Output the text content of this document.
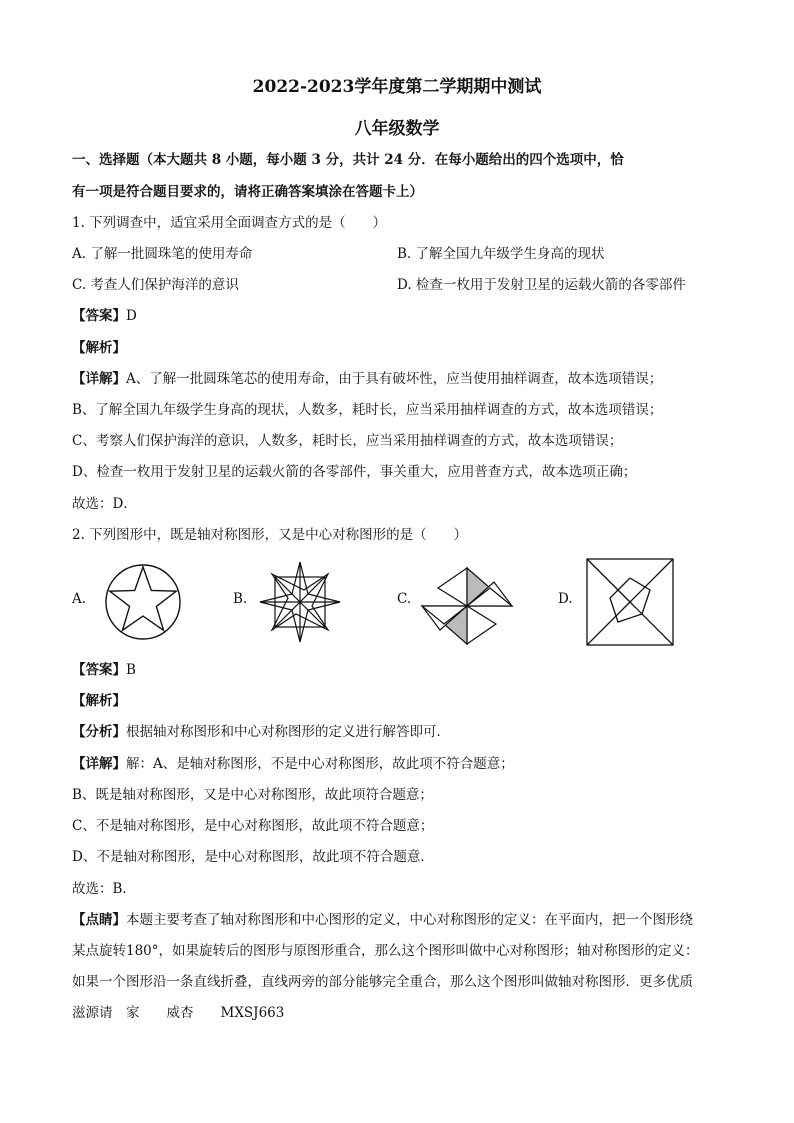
2022-2023学年度第二学期期中测试
八年级数学
一、选择题（本大题共 8 小题，每小题 3 分，共计 24 分．在每小题给出的四个选项中，恰
有一项是符合题目要求的，请将正确答案填涂在答题卡上）
1. 下列调查中，适宜采用全面调查方式的是（　　）
A. 了解一批圆珠笔的使用寿命	B. 了解全国九年级学生身高的现状
C. 考查人们保护海洋的意识	D. 检查一枚用于发射卫星的运载火箭的各零部件
【答案】D
【解析】
【详解】A、了解一批圆珠笔芯的使用寿命，由于具有破坏性，应当使用抽样调查，故本选项错误；
B、了解全国九年级学生身高的现状，人数多，耗时长，应当采用抽样调查的方式，故本选项错误；
C、考察人们保护海洋的意识，人数多，耗时长，应当采用抽样调查的方式，故本选项错误；
D、检查一枚用于发射卫星的运载火箭的各零部件，事关重大，应用普查方式，故本选项正确；
故选：D．
2. 下列图形中，既是轴对称图形，又是中心对称图形的是（　　）
A.	B.	C.	D.
【答案】B
【解析】
【分析】根据轴对称图形和中心对称图形的定义进行解答即可．
【详解】解：A、是轴对称图形，不是中心对称图形，故此项不符合题意；
B、既是轴对称图形，又是中心对称图形，故此项符合题意；
C、不是轴对称图形，是中心对称图形，故此项不符合题意；
D、不是轴对称图形，是中心对称图形，故此项不符合题意．
故选：B．
【点睛】本题主要考查了轴对称图形和中心图形的定义，中心对称图形的定义：在平面内，把一个图形绕
某点旋转180°，如果旋转后的图形与原图形重合，那么这个图形叫做中心对称图形；轴对称图形的定义：
如果一个图形沿一条直线折叠，直线两旁的部分能够完全重合，那么这个图形叫做轴对称图形．更多优质
滋源请　家　　威杏　　MXSJ663
